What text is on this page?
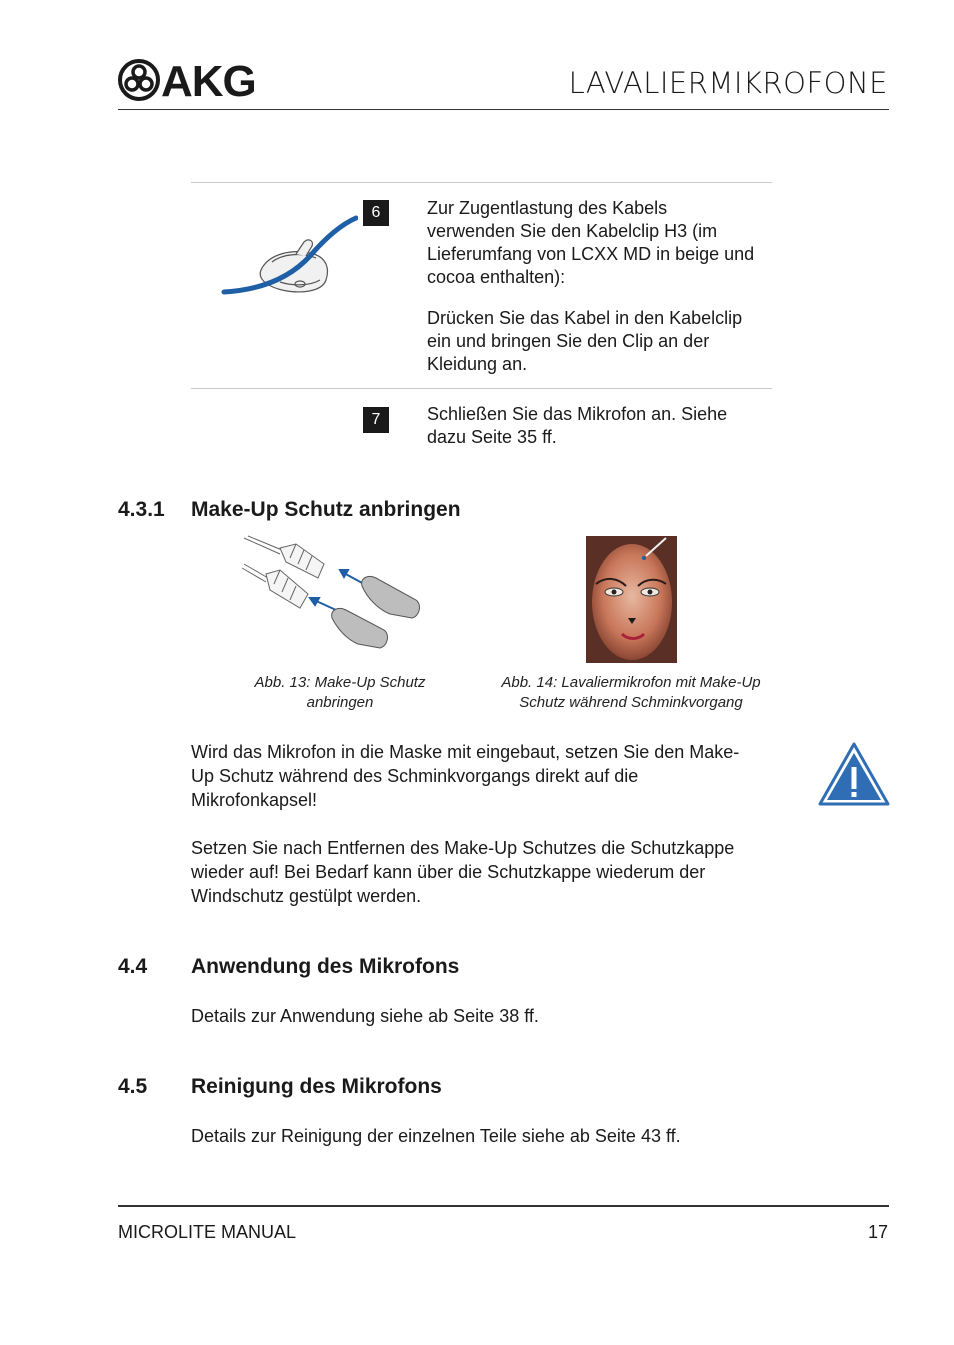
AKG	LAVALIERMIKROFONE
6	Zur Zugentlastung des Kabels verwenden Sie den Kabelclip H3 (im Lieferumfang von LCXX MD in beige und cocoa enthalten):
Drücken Sie das Kabel in den Kabelclip ein und bringen Sie den Clip an der Kleidung an.
7	Schließen Sie das Mikrofon an. Siehe dazu Seite 35 ff.
4.3.1 Make-Up Schutz anbringen
Abb. 13: Make-Up Schutz
anbringen
Abb. 14: Lavaliermikrofon mit Make-Up
Schutz während Schminkvorgang
Wird das Mikrofon in die Maske mit eingebaut, setzen Sie den Make-Up Schutz während des Schminkvorgangs direkt auf die Mikrofonkapsel!
Setzen Sie nach Entfernen des Make-Up Schutzes die Schutzkappe wieder auf! Bei Bedarf kann über die Schutzkappe wiederum der Windschutz gestülpt werden.
4.4 Anwendung des Mikrofons
Details zur Anwendung siehe ab Seite 38 ff.
4.5 Reinigung des Mikrofons
Details zur Reinigung der einzelnen Teile siehe ab Seite 43 ff.
MICROLITE MANUAL	17
